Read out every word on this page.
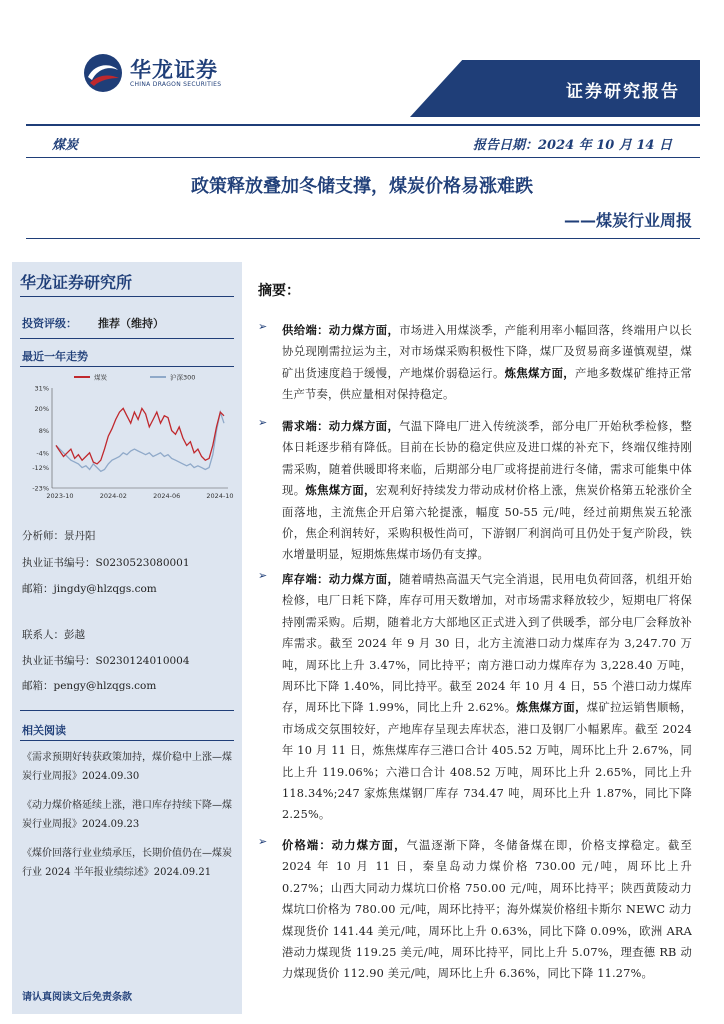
华龙证券
CHINA DRAGON SECURITIES	证券研究报告
煤炭	报告日期：2024 年 10 月 14 日
政策释放叠加冬储支撑，煤炭价格易涨难跌
——煤炭行业周报
华龙证券研究所
投资评级： 推荐（维持）
最近一年走势
31%
20%
8%
-4%
-12%
-23%
2023-10	2024-02	2024-06	2024-10
煤炭	沪深300
分析师：景丹阳
执业证书编号：S0230523080001
邮箱：jingdy@hlzqgs.com
联系人：彭越
执业证书编号：S0230124010004
邮箱：pengy@hlzqgs.com
相关阅读
《需求预期好转获政策加持，煤价稳中上涨—煤炭行业周报》2024.09.30
《动力煤价格延续上涨，港口库存持续下降—煤炭行业周报》2024.09.23
《煤价回落行业业绩承压，长期价值仍在—煤炭行业 2024 半年报业绩综述》2024.09.21
请认真阅读文后免责条款
摘要：
➢ 供给端：动力煤方面，市场进入用煤淡季，产能利用率小幅回落，终端用户以长协兑现刚需拉运为主，对市场煤采购积极性下降，煤厂及贸易商多谨慎观望，煤矿出货速度趋于缓慢，产地煤价弱稳运行。炼焦煤方面，产地多数煤矿维持正常生产节奏，供应量相对保持稳定。
➢ 需求端：动力煤方面，气温下降电厂进入传统淡季，部分电厂开始秋季检修，整体日耗逐步稍有降低。目前在长协的稳定供应及进口煤的补充下，终端仅维持刚需采购，随着供暖即将来临，后期部分电厂或将提前进行冬储，需求可能集中体现。炼焦煤方面，宏观利好持续发力带动成材价格上涨，焦炭价格第五轮涨价全面落地，主流焦企开启第六轮提涨，幅度 50-55 元/吨，经过前期焦炭五轮涨价，焦企利润转好，采购积极性尚可，下游钢厂利润尚可且仍处于复产阶段，铁水增量明显，短期炼焦煤市场仍有支撑。
➢ 库存端：动力煤方面，随着晴热高温天气完全消退，民用电负荷回落，机组开始检修，电厂日耗下降，库存可用天数增加，对市场需求释放较少，短期电厂将保持刚需采购。后期，随着北方大部地区正式进入到了供暖季，部分电厂会释放补库需求。截至 2024 年 9 月 30 日，北方主流港口动力煤库存为 3,247.70 万吨，周环比上升 3.47%，同比持平；南方港口动力煤库存为 3,228.40 万吨，周环比下降 1.40%，同比持平。截至 2024 年 10 月 4 日，55 个港口动力煤库存，周环比下降 1.99%，同比上升 2.62%。炼焦煤方面，煤矿拉运销售顺畅，市场成交氛围较好，产地库存呈现去库状态，港口及钢厂小幅累库。截至 2024 年 10 月 11 日，炼焦煤库存三港口合计 405.52 万吨，周环比上升 2.67%，同比上升 119.06%；六港口合计 408.52 万吨，周环比上升 2.65%，同比上升 118.34%;247 家炼焦煤钢厂库存 734.47 吨，周环比上升 1.87%，同比下降 2.25%。
➢ 价格端：动力煤方面，气温逐渐下降，冬储备煤在即，价格支撑稳定。截至 2024 年 10 月 11 日，秦皇岛动力煤价格 730.00 元/吨，周环比上升 0.27%；山西大同动力煤坑口价格 750.00 元/吨，周环比持平；陕西黄陵动力煤坑口价格为 780.00 元/吨，周环比持平；海外煤炭价格纽卡斯尔 NEWC 动力煤现货价 141.44 美元/吨，周环比上升 0.63%，同比下降 0.09%，欧洲 ARA 港动力煤现货 119.25 美元/吨，周环比持平，同比上升 5.07%，理查德 RB 动力煤现货价 112.90 美元/吨，周环比上升 6.36%，同比下降 11.27%。
